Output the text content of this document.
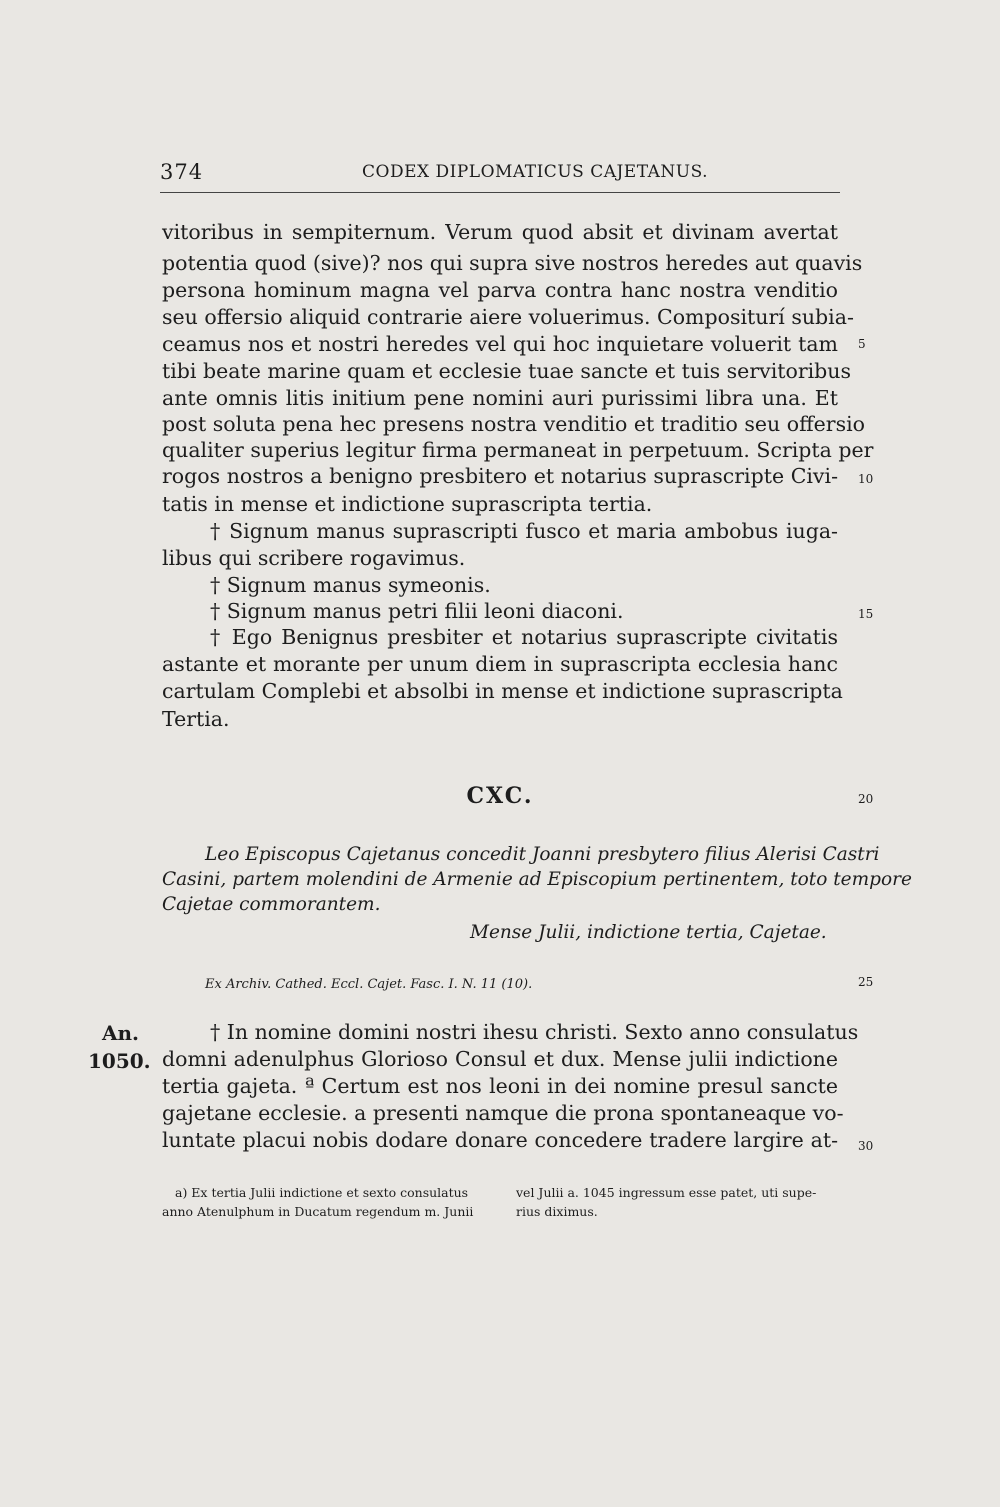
374	CODEX DIPLOMATICUS CAJETANUS.
vitoribus in sempiternum. Verum quod absit et divinam avertat
potentia quod (sive)? nos qui supra sive nostros heredes aut quavis
persona hominum magna vel parva contra hanc nostra venditio
seu offersio aliquid contrarie aiere voluerimus. Compositurí subia-
ceamus nos et nostri heredes vel qui hoc inquietare voluerit tam
tibi beate marine quam et ecclesie tuae sancte et tuis servitoribus
ante omnis litis initium pene nomini auri purissimi libra una. Et
post soluta pena hec presens nostra venditio et traditio seu offersio
qualiter superius legitur firma permaneat in perpetuum. Scripta per
rogos nostros a benigno presbitero et notarius suprascripte Civi-
tatis in mense et indictione suprascripta tertia.
† Signum manus suprascripti fusco et maria ambobus iuga-
libus qui scribere rogavimus.
† Signum manus symeonis.
† Signum manus petri filii leoni diaconi.
† Ego Benignus presbiter et notarius suprascripte civitatis
astante et morante per unum diem in suprascripta ecclesia hanc
cartulam Complebi et absolbi in mense et indictione suprascripta
Tertia.
5
10
15
20
25
30
CXC.
Leo Episcopus Cajetanus concedit Joanni presbytero filius Alerisi Castri
Casini, partem molendini de Armenie ad Episcopium pertinentem, toto tempore
Cajetae commorantem.
Mense Julii, indictione tertia, Cajetae.
Ex Archiv. Cathed. Eccl. Cajet. Fasc. I. N. 11 (10).
An.
1050.
† In nomine domini nostri ihesu christi. Sexto anno consulatus
domni adenulphus Glorioso Consul et dux. Mense julii indictione
tertia gajeta. ª Certum est nos leoni in dei nomine presul sancte
gajetane ecclesie. a presenti namque die prona spontaneaque vo-
luntate placui nobis dodare donare concedere tradere largire at-
a) Ex tertia Julii indictione et sexto consulatus
anno Atenulphum in Ducatum regendum m. Junii
vel Julii a. 1045 ingressum esse patet, uti supe-
rius diximus.
